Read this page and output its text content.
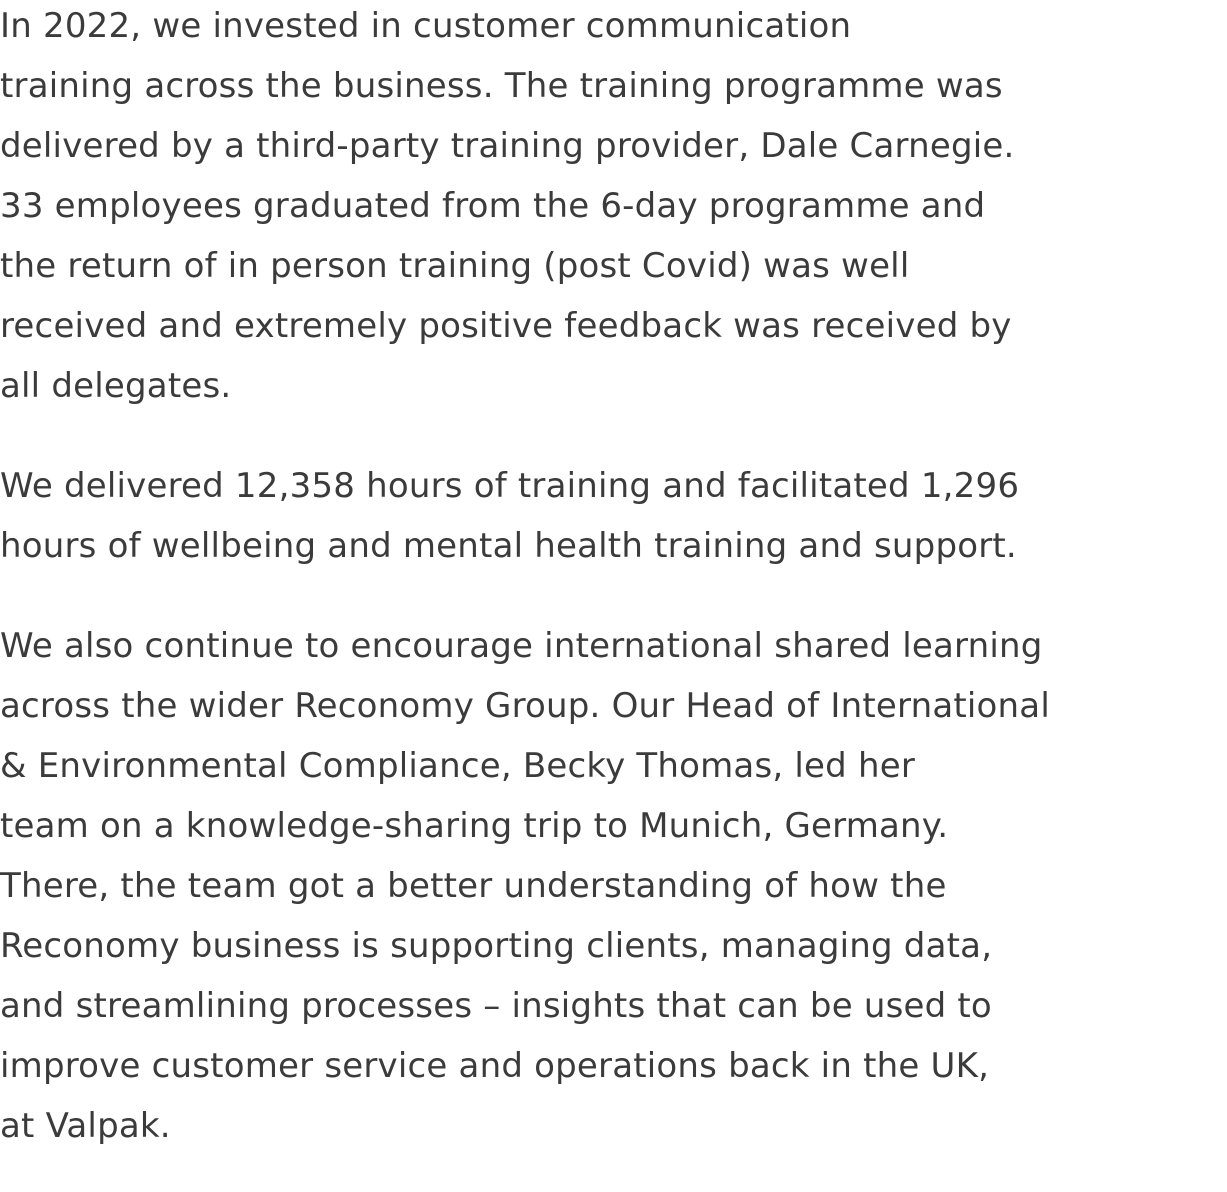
In 2022, we invested in customer communication
training across the business. The training programme was
delivered by a third-party training provider, Dale Carnegie.
33 employees graduated from the 6-day programme and
the return of in person training (post Covid) was well
received and extremely positive feedback was received by
all delegates.

We delivered 12,358 hours of training and facilitated 1,296
hours of wellbeing and mental health training and support.

We also continue to encourage international shared learning
across the wider Reconomy Group. Our Head of International
& Environmental Compliance, Becky Thomas, led her
team on a knowledge-sharing trip to Munich, Germany.
There, the team got a better understanding of how the
Reconomy business is supporting clients, managing data,
and streamlining processes – insights that can be used to
improve customer service and operations back in the UK,
at Valpak.
